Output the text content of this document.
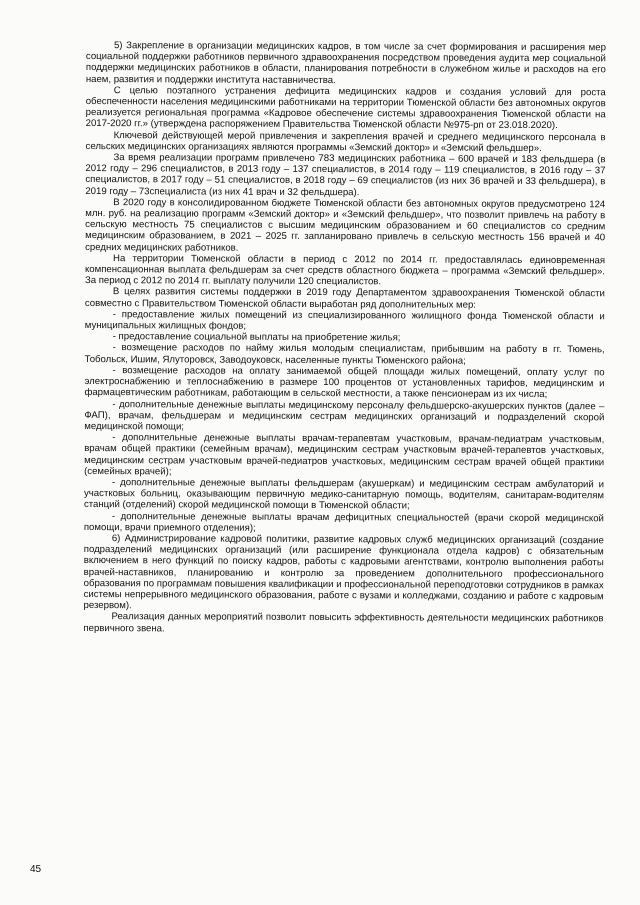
5) Закрепление в организации медицинских кадров, в том числе за счет формирования и расширения мер социальной поддержки работников первичного здравоохранения посредством проведения аудита мер социальной поддержки медицинских работников в области, планирования потребности в служебном жилье и расходов на его наем, развития и поддержки института наставничества.

С целью поэтапного устранения дефицита медицинских кадров и создания условий для роста обеспеченности населения медицинскими работниками на территории Тюменской области без автономных округов реализуется региональная программа «Кадровое обеспечение системы здравоохранения Тюменской области на 2017-2020 гг.» (утверждена распоряжением Правительства Тюменской области №975-рп от 23.018.2020).

Ключевой действующей мерой привлечения и закрепления врачей и среднего медицинского персонала в сельских медицинских организациях являются программы «Земский доктор» и «Земский фельдшер».

За время реализации программ привлечено 783 медицинских работника – 600 врачей и 183 фельдшера (в 2012 году – 296 специалистов, в 2013 году – 137 специалистов, в 2014 году – 119 специалистов, в 2016 году – 37 специалистов, в 2017 году – 51 специалистов, в 2018 году – 69 специалистов (из них 36 врачей и 33 фельдшера), в 2019 году – 73специалиста (из них 41 врач и 32 фельдшера).

В 2020 году в консолидированном бюджете Тюменской области без автономных округов предусмотрено 124 млн. руб. на реализацию программ «Земский доктор» и «Земский фельдшер», что позволит привлечь на работу в сельскую местность 75 специалистов с высшим медицинским образованием и 60 специалистов со средним медицинским образованием, в 2021 – 2025 гг. запланировано привлечь в сельскую местность 156 врачей и 40 средних медицинских работников.

На территории Тюменской области в период с 2012 по 2014 гг. предоставлялась единовременная компенсационная выплата фельдшерам за счет средств областного бюджета – программа «Земский фельдшер». За период с 2012 по 2014 гг. выплату получили 120 специалистов.

В целях развития системы поддержки в 2019 году Департаментом здравоохранения Тюменской области совместно с Правительством Тюменской области выработан ряд дополнительных мер:

- предоставление жилых помещений из специализированного жилищного фонда Тюменской области и муниципальных жилищных фондов;

- предоставление социальной выплаты на приобретение жилья;

- возмещение расходов по найму жилья молодым специалистам, прибывшим на работу в гг. Тюмень, Тобольск, Ишим, Ялуторовск, Заводоуковск, населенные пункты Тюменского района;

- возмещение расходов на оплату занимаемой общей площади жилых помещений, оплату услуг по электроснабжению и теплоснабжению в размере 100 процентов от установленных тарифов, медицинским и фармацевтическим работникам, работающим в сельской местности, а также пенсионерам из их числа;

- дополнительные денежные выплаты медицинскому персоналу фельдшерско-акушерских пунктов (далее – ФАП), врачам, фельдшерам и медицинским сестрам медицинских организаций и подразделений скорой медицинской помощи;

- дополнительные денежные выплаты врачам-терапевтам участковым, врачам-педиатрам участковым, врачам общей практики (семейным врачам), медицинским сестрам участковым врачей-терапевтов участковых, медицинским сестрам участковым врачей-педиатров участковых, медицинским сестрам врачей общей практики (семейных врачей);

- дополнительные денежные выплаты фельдшерам (акушеркам) и медицинским сестрам амбулаторий и участковых больниц, оказывающим первичную медико-санитарную помощь, водителям, санитарам-водителям станций (отделений) скорой медицинской помощи в Тюменской области;

- дополнительные денежные выплаты врачам дефицитных специальностей (врачи скорой медицинской помощи, врачи приемного отделения);

6) Администрирование кадровой политики, развитие кадровых служб медицинских организаций (создание подразделений медицинских организаций (или расширение функционала отдела кадров) с обязательным включением в него функций по поиску кадров, работы с кадровыми агентствами, контролю выполнения работы врачей-наставников, планированию и контролю за проведением дополнительного профессионального образования по программам повышения квалификации и профессиональной переподготовки сотрудников в рамках системы непрерывного медицинского образования, работе с вузами и колледжами, созданию и работе с кадровым резервом).

Реализация данных мероприятий позволит повысить эффективность деятельности медицинских работников первичного звена.

45
